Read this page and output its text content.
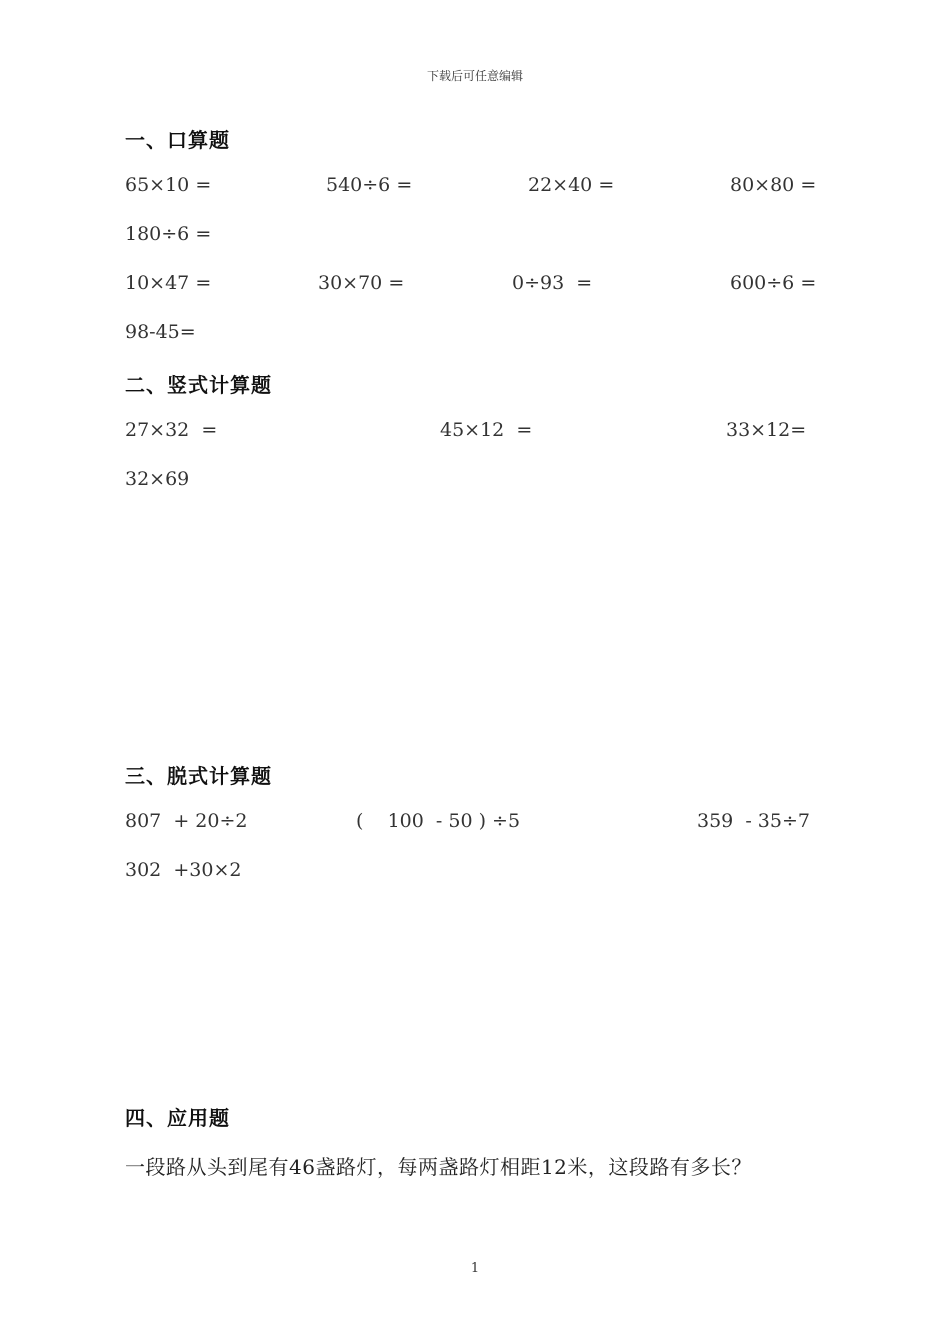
下载后可任意编辑
一、口算题
65×10 =	540÷6 =	22×40 =	80×80 =
180÷6 =
10×47 =	30×70 =	0÷93  =	600÷6 =
98-45=
二、竖式计算题
27×32  =	45×12  =	33×12=
32×69
三、脱式计算题
807  + 20÷2	(    100  - 50 ) ÷5	359  - 35÷7
302  +30×2
四、应用题
一段路从头到尾有46盏路灯，每两盏路灯相距12米，这段路有多长？
1
